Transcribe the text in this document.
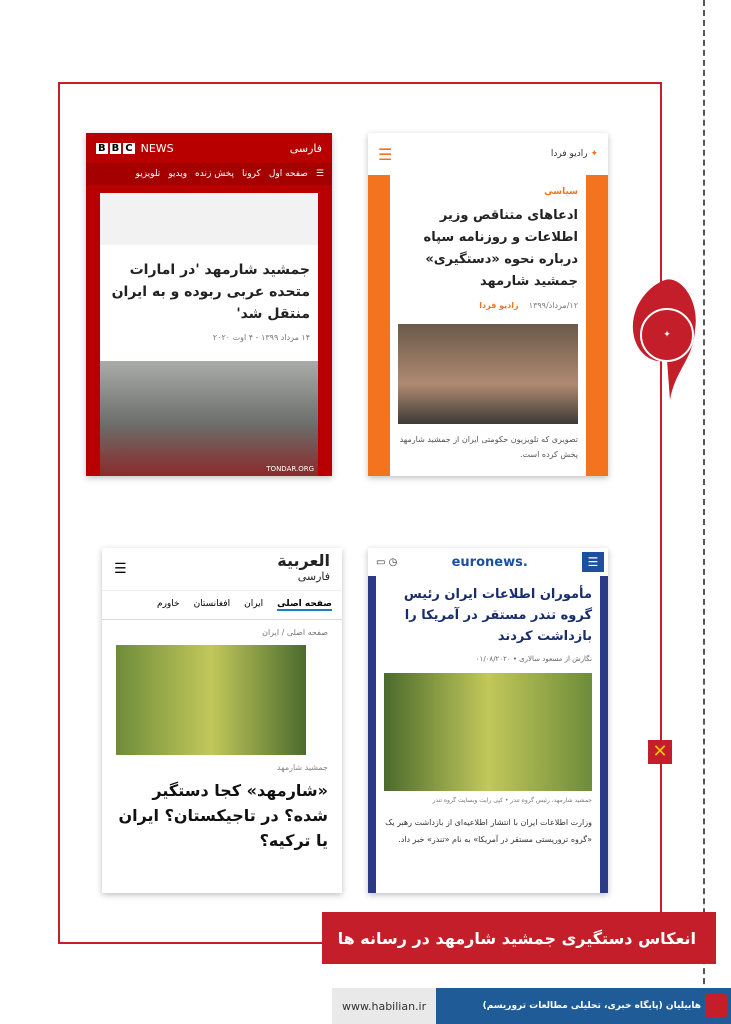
✦
✕
B B C NEWS	فارسی
☰
صفحه اول
کرونا
پخش زنده
ویدیو
تلویزیو
جمشید شارمهد 'در امارات متحده عربی ربوده و به ایران منتقل شد'
۱۴ مرداد ۱۳۹۹ - ۴ اوت ۲۰۲۰
TONDAR.ORG
☰	رادیو فردا ✦
سیاسی
ادعاهای متناقص وزیر اطلاعات و روزنامه سپاه درباره نحوه «دستگیری» جمشید شارمهد
۱۲/مرداد/۱۳۹۹    رادیو فردا
تصویری که تلویزیون حکومتی ایران از جمشید شارمهد پخش کرده است.
☰	العربية
فارسی
صفحه اصلی
ایران
افغانستان
خاورم
صفحه اصلی / ایران
جمشید شارمهد
«شارمهد» کجا دستگیر شده؟ در تاجیکستان؟ ایران یا ترکیه؟
▭ ◷	euronews.	☰
مأموران اطلاعات ایران رئیس گروه تندر مستقر در آمریکا را بازداشت کردند
نگارش از مسعود سالاری • ۰۱/۰۸/۲۰۲۰
جمشید شارمهد، رئیس گروه تندر • کپی رایت وبسایت گروه تندر
وزارت اطلاعات ایران با انتشار اطلاعیه‌ای از بازداشت رهبر یک «گروه تروریستی مستقر در آمریکا» به نام «تندر» خبر داد.
انعکاس دستگیری جمشید شارمهد در رسانه ها
www.habilian.ir	هابیلیان (پایگاه خبری، تحلیلی مطالعات تروریسم)
